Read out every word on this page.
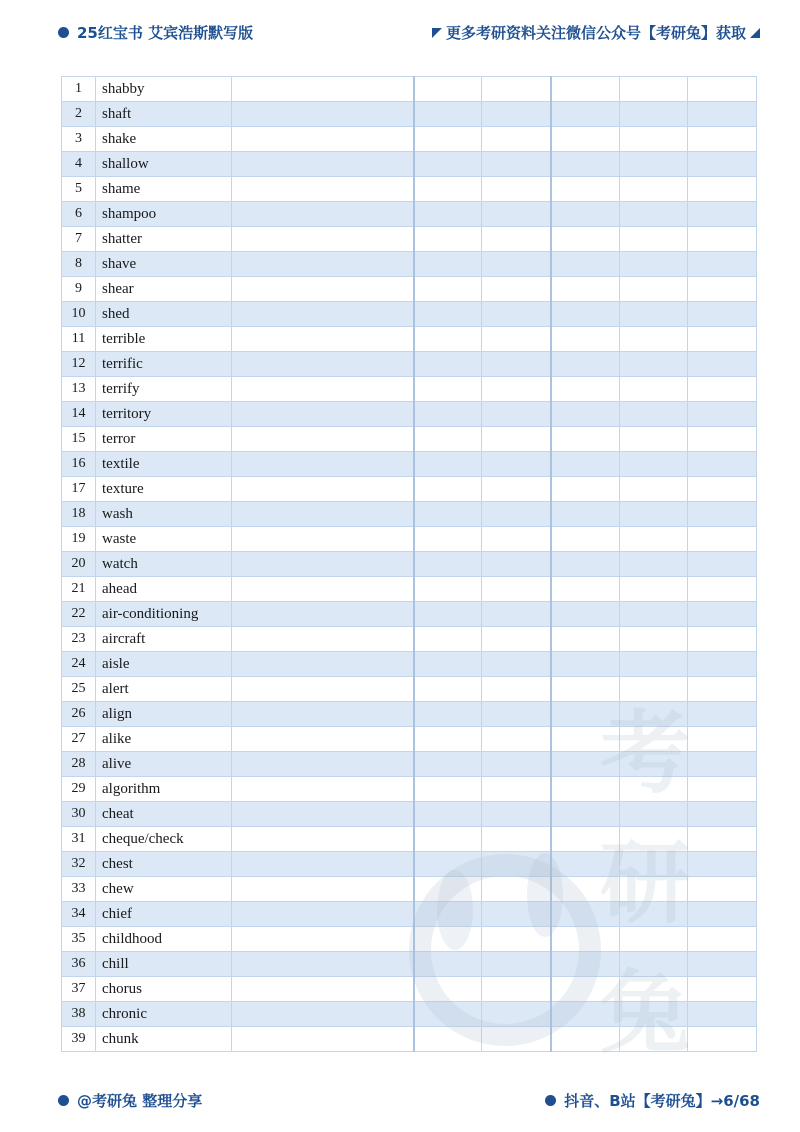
25红宝书 艾宾浩斯默写版	更多考研资料关注微信公众号【考研兔】获取
1	shabby						
2	shaft						
3	shake						
4	shallow						
5	shame						
6	shampoo						
7	shatter						
8	shave						
9	shear						
10	shed						
11	terrible						
12	terrific						
13	terrify						
14	territory						
15	terror						
16	textile						
17	texture						
18	wash						
19	waste						
20	watch						
21	ahead						
22	air-conditioning						
23	aircraft						
24	aisle						
25	alert						
26	align						
27	alike						
28	alive						
29	algorithm						
30	cheat						
31	cheque/check						
32	chest						
33	chew						
34	chief						
35	childhood						
36	chill						
37	chorus						
38	chronic						
39	chunk						
@考研兔 整理分享	抖音、B站【考研兔】→6/68
